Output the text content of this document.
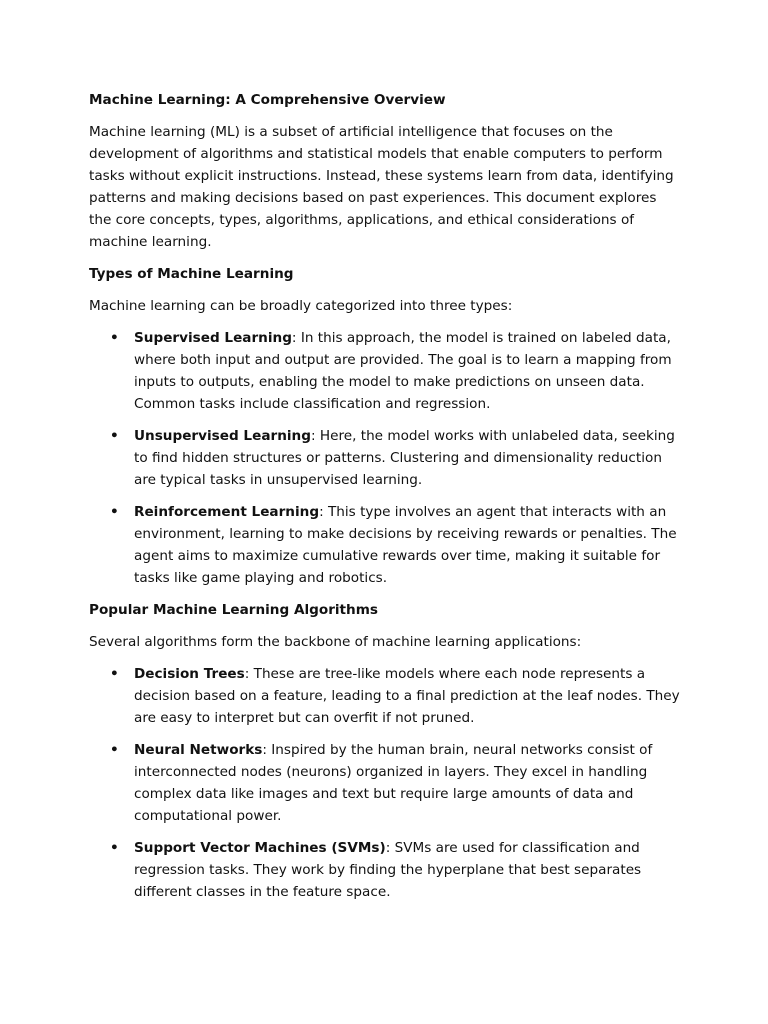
Machine Learning: A Comprehensive Overview

Machine learning (ML) is a subset of artificial intelligence that focuses on the development of algorithms and statistical models that enable computers to perform tasks without explicit instructions. Instead, these systems learn from data, identifying patterns and making decisions based on past experiences. This document explores the core concepts, types, algorithms, applications, and ethical considerations of machine learning.

Types of Machine Learning

Machine learning can be broadly categorized into three types:

• Supervised Learning: In this approach, the model is trained on labeled data, where both input and output are provided. The goal is to learn a mapping from inputs to outputs, enabling the model to make predictions on unseen data. Common tasks include classification and regression.
• Unsupervised Learning: Here, the model works with unlabeled data, seeking to find hidden structures or patterns. Clustering and dimensionality reduction are typical tasks in unsupervised learning.
• Reinforcement Learning: This type involves an agent that interacts with an environment, learning to make decisions by receiving rewards or penalties. The agent aims to maximize cumulative rewards over time, making it suitable for tasks like game playing and robotics.

Popular Machine Learning Algorithms

Several algorithms form the backbone of machine learning applications:

• Decision Trees: These are tree-like models where each node represents a decision based on a feature, leading to a final prediction at the leaf nodes. They are easy to interpret but can overfit if not pruned.
• Neural Networks: Inspired by the human brain, neural networks consist of interconnected nodes (neurons) organized in layers. They excel in handling complex data like images and text but require large amounts of data and computational power.
• Support Vector Machines (SVMs): SVMs are used for classification and regression tasks. They work by finding the hyperplane that best separates different classes in the feature space.
